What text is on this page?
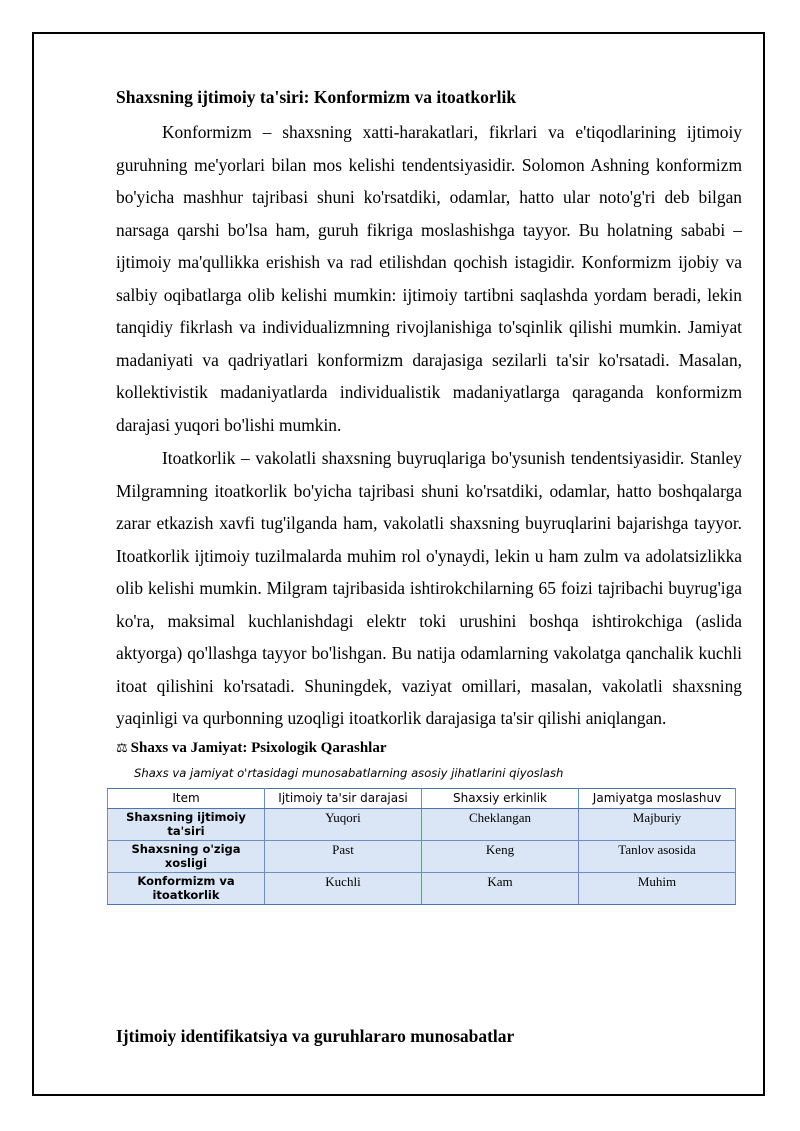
Shaxsning ijtimoiy ta'siri: Konformizm va itoatkorlik

Konformizm – shaxsning xatti-harakatlari, fikrlari va e'tiqodlarining ijtimoiy guruhning me'yorlari bilan mos kelishi tendentsiyasidir. Solomon Ashning konformizm bo'yicha mashhur tajribasi shuni ko'rsatdiki, odamlar, hatto ular noto'g'ri deb bilgan narsaga qarshi bo'lsa ham, guruh fikriga moslashishga tayyor. Bu holatning sababi – ijtimoiy ma'qullikka erishish va rad etilishdan qochish istagidir. Konformizm ijobiy va salbiy oqibatlarga olib kelishi mumkin: ijtimoiy tartibni saqlashda yordam beradi, lekin tanqidiy fikrlash va individualizmning rivojlanishiga to'sqinlik qilishi mumkin. Jamiyat madaniyati va qadriyatlari konformizm darajasiga sezilarli ta'sir ko'rsatadi. Masalan, kollektivistik madaniyatlarda individualistik madaniyatlarga qaraganda konformizm darajasi yuqori bo'lishi mumkin.

Itoatkorlik – vakolatli shaxsning buyruqlariga bo'ysunish tendentsiyasidir. Stanley Milgramning itoatkorlik bo'yicha tajribasi shuni ko'rsatdiki, odamlar, hatto boshqalarga zarar etkazish xavfi tug'ilganda ham, vakolatli shaxsning buyruqlarini bajarishga tayyor. Itoatkorlik ijtimoiy tuzilmalarda muhim rol o'ynaydi, lekin u ham zulm va adolatsizlikka olib kelishi mumkin. Milgram tajribasida ishtirokchilarning 65 foizi tajribachi buyrug'iga ko'ra, maksimal kuchlanishdagi elektr toki urushini boshqa ishtirokchiga (aslida aktyorga) qo'llashga tayyor bo'lishgan. Bu natija odamlarning vakolatga qanchalik kuchli itoat qilishini ko'rsatadi. Shuningdek, vaziyat omillari, masalan, vakolatli shaxsning yaqinligi va qurbonning uzoqligi itoatkorlik darajasiga ta'sir qilishi aniqlangan.

⚖ Shaxs va Jamiyat: Psixologik Qarashlar
Shaxs va jamiyat o'rtasidagi munosabatlarning asosiy jihatlarini qiyoslash
Item	Ijtimoiy ta'sir darajasi	Shaxsiy erkinlik	Jamiyatga moslashuv
Shaxsning ijtimoiy ta'siri	Yuqori	Cheklangan	Majburiy
Shaxsning o'ziga xosligi	Past	Keng	Tanlov asosida
Konformizm va itoatkorlik	Kuchli	Kam	Muhim
Ijtimoiy identifikatsiya va guruhlararo munosabatlar
